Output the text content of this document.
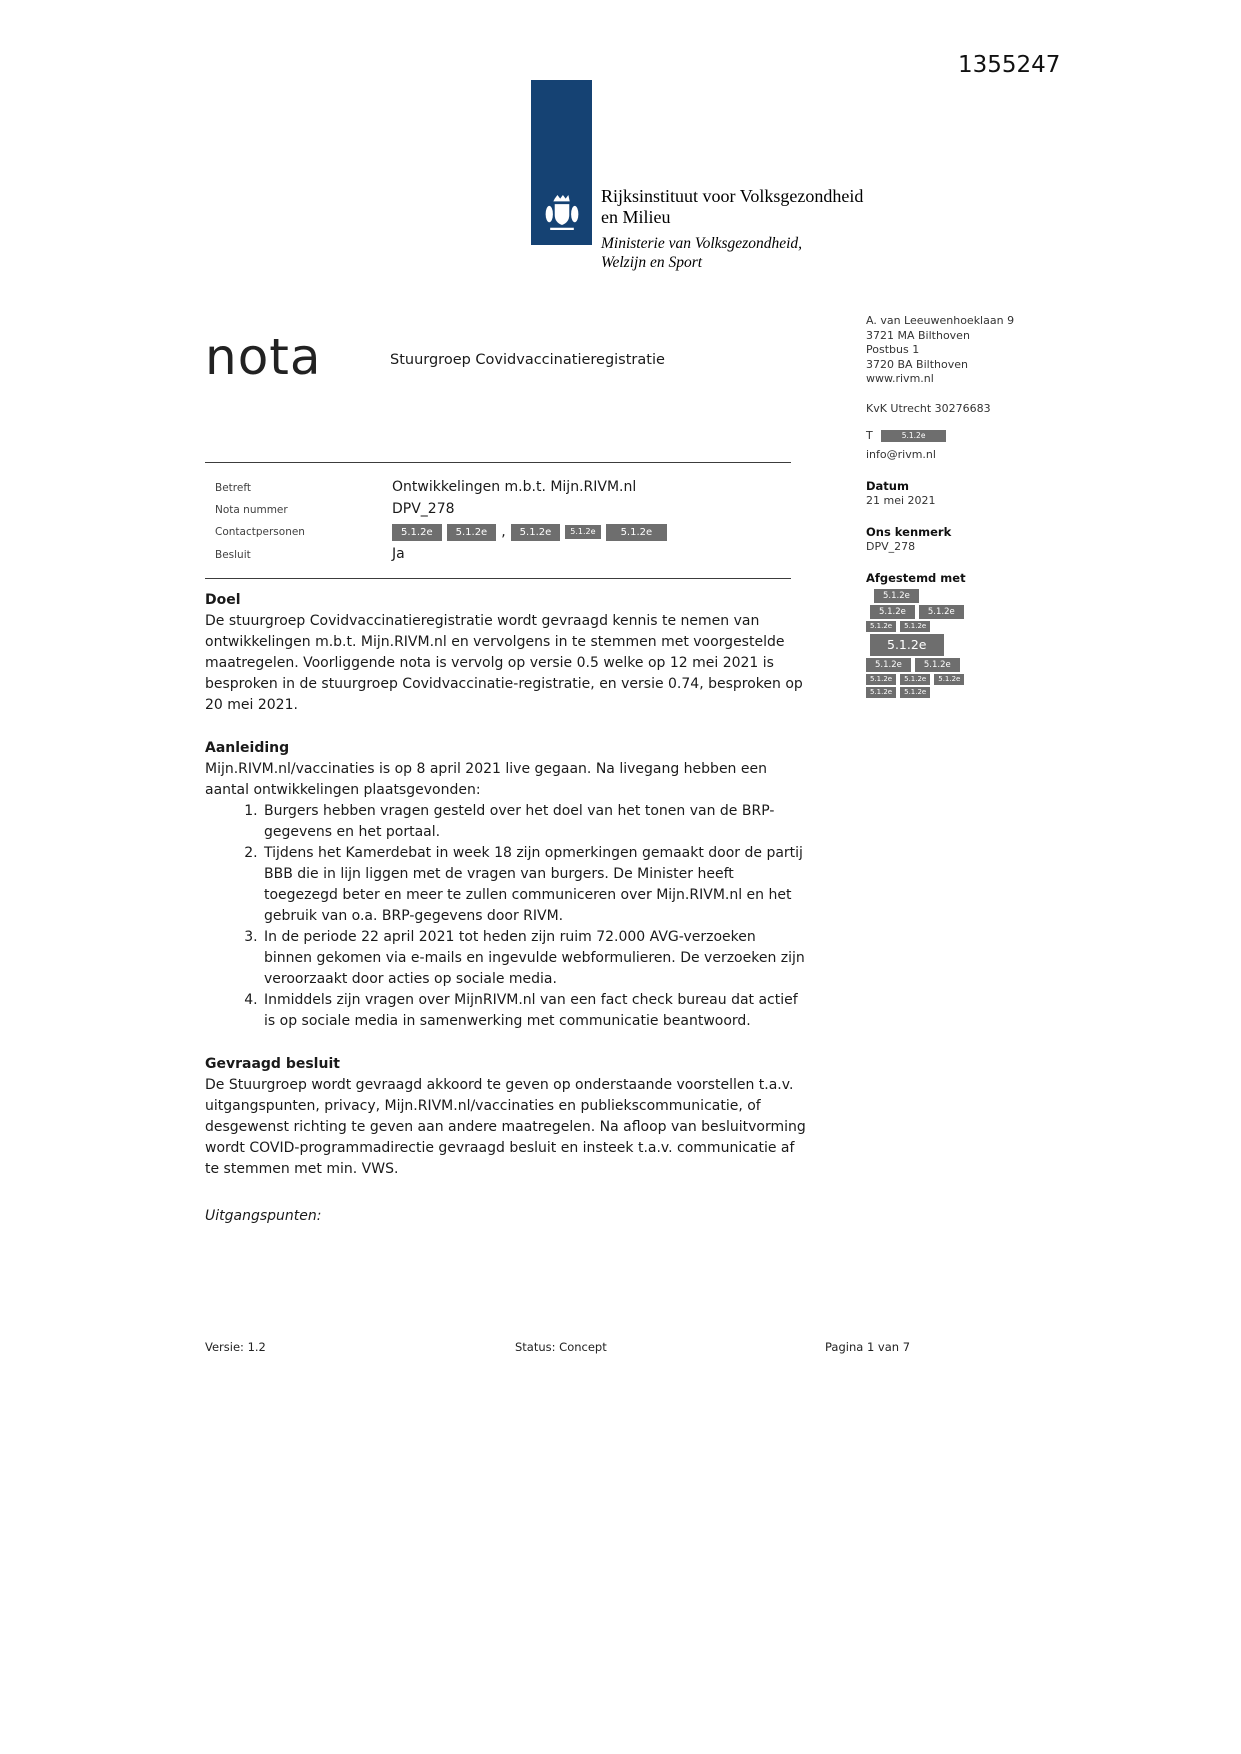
1355247
Rijksinstituut voor Volksgezondheid
en Milieu
Ministerie van Volksgezondheid,
Welzijn en Sport
nota	Stuurgroep Covidvaccinatieregistratie
A. van Leeuwenhoeklaan 9
3721 MA Bilthoven
Postbus 1
3720 BA Bilthoven
www.rivm.nl
KvK Utrecht 30276683
T	5.1.2e
info@rivm.nl
Datum
21 mei 2021
Ons kenmerk
DPV_278
Afgestemd met
5.1.2e
5.1.2e	5.1.2e
5.1.2e	5.1.2e
5.1.2e
5.1.2e	5.1.2e
5.1.2e	5.1.2e	5.1.2e
5.1.2e	5.1.2e
Betreft	Ontwikkelingen m.b.t. Mijn.RIVM.nl
Nota nummer	DPV_278
Contactpersonen	5.1.2e	5.1.2e	,	5.1.2e	5.1.2e	5.1.2e
Besluit	Ja
Doel

De stuurgroep Covidvaccinatieregistratie wordt gevraagd kennis te nemen van ontwikkelingen m.b.t. Mijn.RIVM.nl en vervolgens in te stemmen met voorgestelde maatregelen. Voorliggende nota is vervolg op versie 0.5 welke op 12 mei 2021 is besproken in de stuurgroep Covidvaccinatie-registratie, en versie 0.74, besproken op 20 mei 2021.

Aanleiding

Mijn.RIVM.nl/vaccinaties is op 8 april 2021 live gegaan. Na livegang hebben een aantal ontwikkelingen plaatsgevonden:

1. Burgers hebben vragen gesteld over het doel van het tonen van de BRP-gegevens en het portaal.
2. Tijdens het Kamerdebat in week 18 zijn opmerkingen gemaakt door de partij BBB die in lijn liggen met de vragen van burgers. De Minister heeft toegezegd beter en meer te zullen communiceren over Mijn.RIVM.nl en het gebruik van o.a. BRP-gegevens door RIVM.
3. In de periode 22 april 2021 tot heden zijn ruim 72.000 AVG-verzoeken binnen gekomen via e-mails en ingevulde webformulieren. De verzoeken zijn veroorzaakt door acties op sociale media.
4. Inmiddels zijn vragen over MijnRIVM.nl van een fact check bureau dat actief is op sociale media in samenwerking met communicatie beantwoord.
Gevraagd besluit

De Stuurgroep wordt gevraagd akkoord te geven op onderstaande voorstellen t.a.v. uitgangspunten, privacy, Mijn.RIVM.nl/vaccinaties en publiekscommunicatie, of desgewenst richting te geven aan andere maatregelen. Na afloop van besluitvorming wordt COVID-programmadirectie gevraagd besluit en insteek t.a.v. communicatie af te stemmen met min. VWS.

Uitgangspunten:

Versie: 1.2	Status: Concept	Pagina 1 van 7
